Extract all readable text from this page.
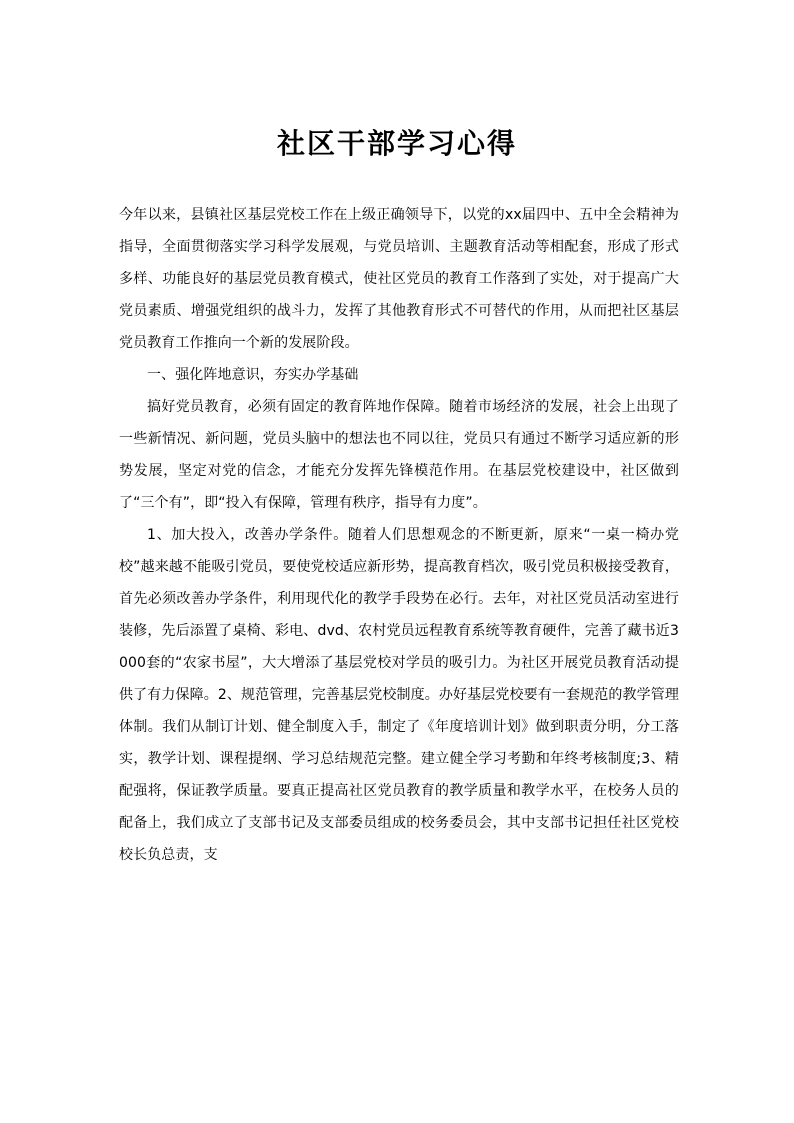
社区干部学习心得

今年以来，县镇社区基层党校工作在上级正确领导下，以党的xx届四中、五中全会精神为指导，全面贯彻落实学习科学发展观，与党员培训、主题教育活动等相配套，形成了形式多样、功能良好的基层党员教育模式，使社区党员的教育工作落到了实处，对于提高广大党员素质、增强党组织的战斗力，发挥了其他教育形式不可替代的作用，从而把社区基层党员教育工作推向一个新的发展阶段。

一、强化阵地意识，夯实办学基础

搞好党员教育，必须有固定的教育阵地作保障。随着市场经济的发展，社会上出现了一些新情况、新问题，党员头脑中的想法也不同以往，党员只有通过不断学习适应新的形势发展，坚定对党的信念，才能充分发挥先锋模范作用。在基层党校建设中，社区做到了“三个有”，即“投入有保障，管理有秩序，指导有力度”。

1、加大投入，改善办学条件。随着人们思想观念的不断更新，原来“一桌一椅办党校”越来越不能吸引党员，要使党校适应新形势，提高教育档次，吸引党员积极接受教育，首先必须改善办学条件，利用现代化的教学手段势在必行。去年，对社区党员活动室进行装修，先后添置了桌椅、彩电、dvd、农村党员远程教育系统等教育硬件，完善了藏书近3000套的“农家书屋”，大大增添了基层党校对学员的吸引力。为社区开展党员教育活动提供了有力保障。2、规范管理，完善基层党校制度。办好基层党校要有一套规范的教学管理体制。我们从制订计划、健全制度入手，制定了《年度培训计划》做到职责分明，分工落实，教学计划、课程提纲、学习总结规范完整。建立健全学习考勤和年终考核制度;3、精配强将，保证教学质量。要真正提高社区党员教育的教学质量和教学水平，在校务人员的配备上，我们成立了支部书记及支部委员组成的校务委员会，其中支部书记担任社区党校校长负总责，支
